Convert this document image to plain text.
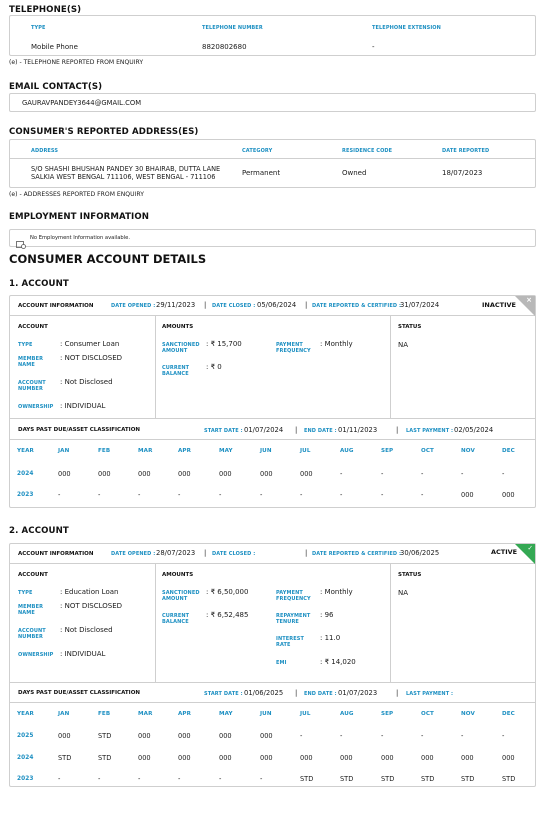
TELEPHONE(S)
TYPE	TELEPHONE NUMBER	TELEPHONE EXTENSION
Mobile Phone	8820802680	-
(e) - TELEPHONE REPORTED FROM ENQUIRY
EMAIL CONTACT(S)
GAURAVPANDEY3644@GMAIL.COM
CONSUMER'S REPORTED ADDRESS(ES)
ADDRESS	CATEGORY	RESIDENCE CODE	DATE REPORTED
S/O SHASHI BHUSHAN PANDEY 30 BHAIRAB, DUTTA LANE
SALKIA WEST BENGAL 711106, WEST BENGAL - 711106	Permanent	Owned	18/07/2023
(e) - ADDRESSES REPORTED FROM ENQUIRY
EMPLOYMENT INFORMATION
No Employment Information available.
CONSUMER ACCOUNT DETAILS
1. ACCOUNT
ACCOUNT INFORMATION	DATE OPENED : 29/11/2023 | DATE CLOSED : 05/06/2024 | DATE REPORTED & CERTIFIED :
31/07/2024	INACTIVE
×
ACCOUNT
TYPE	: Consumer Loan
MEMBER NAME
: NOT DISCLOSED
ACCOUNT NUMBER
: Not Disclosed
OWNERSHIP : INDIVIDUAL
AMOUNTS
SANCTIONED AMOUNT
: ₹ 15,700
CURRENT BALANCE
: ₹ 0
PAYMENT FREQUENCY
: Monthly
STATUS
NA
DAYS PAST DUE/ASSET CLASSIFICATION	START DATE : 01/07/2024 | END DATE : 01/11/2023	| LAST PAYMENT : 02/05/2024
YEAR	JAN	FEB	MAR	APR	MAY	JUN	JUL	AUG	SEP	OCT	NOV	DEC
2024	000	000	000	000	000	000	000	-	-	-	-	-
2023	-	-	-	-	-	-	-	-	-	-	000	000
2. ACCOUNT
ACCOUNT INFORMATION	DATE OPENED : 28/07/2023 | DATE CLOSED :	| DATE REPORTED & CERTIFIED :
30/06/2025	ACTIVE ✓
ACCOUNT
TYPE	: Education Loan
MEMBER NAME
: NOT DISCLOSED
ACCOUNT NUMBER
: Not Disclosed
OWNERSHIP : INDIVIDUAL
AMOUNTS
SANCTIONED AMOUNT
: ₹ 6,50,000
CURRENT BALANCE
: ₹ 6,52,485
PAYMENT FREQUENCY
: Monthly
REPAYMENT TENURE
: 96
INTEREST RATE
: 11.0
EMI	: ₹ 14,020
STATUS
NA
DAYS PAST DUE/ASSET CLASSIFICATION	START DATE : 01/06/2025 | END DATE : 01/07/2023	| LAST PAYMENT :
YEAR	JAN	FEB	MAR	APR	MAY	JUN	JUL	AUG	SEP	OCT	NOV	DEC
2025	000	STD	000	000	000	000	-	-	-	-	-	-
2024	STD	STD	000	000	000	000	000	000	000	000	000	000
2023	-	-	-	-	-	-	STD	STD	STD	STD	STD	STD
